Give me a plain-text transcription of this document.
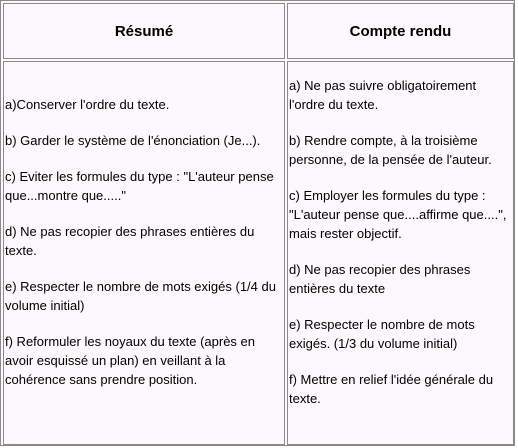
Résumé	Compte rendu
a)Conserver l'ordre du texte.
b) Garder le système de l'énonciation (Je...).
c) Eviter les formules du type : "L'auteur pense que...montre que....."
d) Ne pas recopier des phrases entières du texte.
e) Respecter le nombre de mots exigés (1/4 du volume initial)
f) Reformuler les noyaux du texte (après en avoir esquissé un plan) en veillant à la cohérence sans prendre position.
a) Ne pas suivre obligatoirement l'ordre du texte.
b) Rendre compte, à la troisième personne, de la pensée de l'auteur.
c) Employer les formules du type : "L'auteur pense que....affirme que....", mais rester objectif.
d) Ne pas recopier des phrases entières du texte
e) Respecter le nombre de mots exigés. (1/3 du volume initial)
f) Mettre en relief l'idée générale du texte.
